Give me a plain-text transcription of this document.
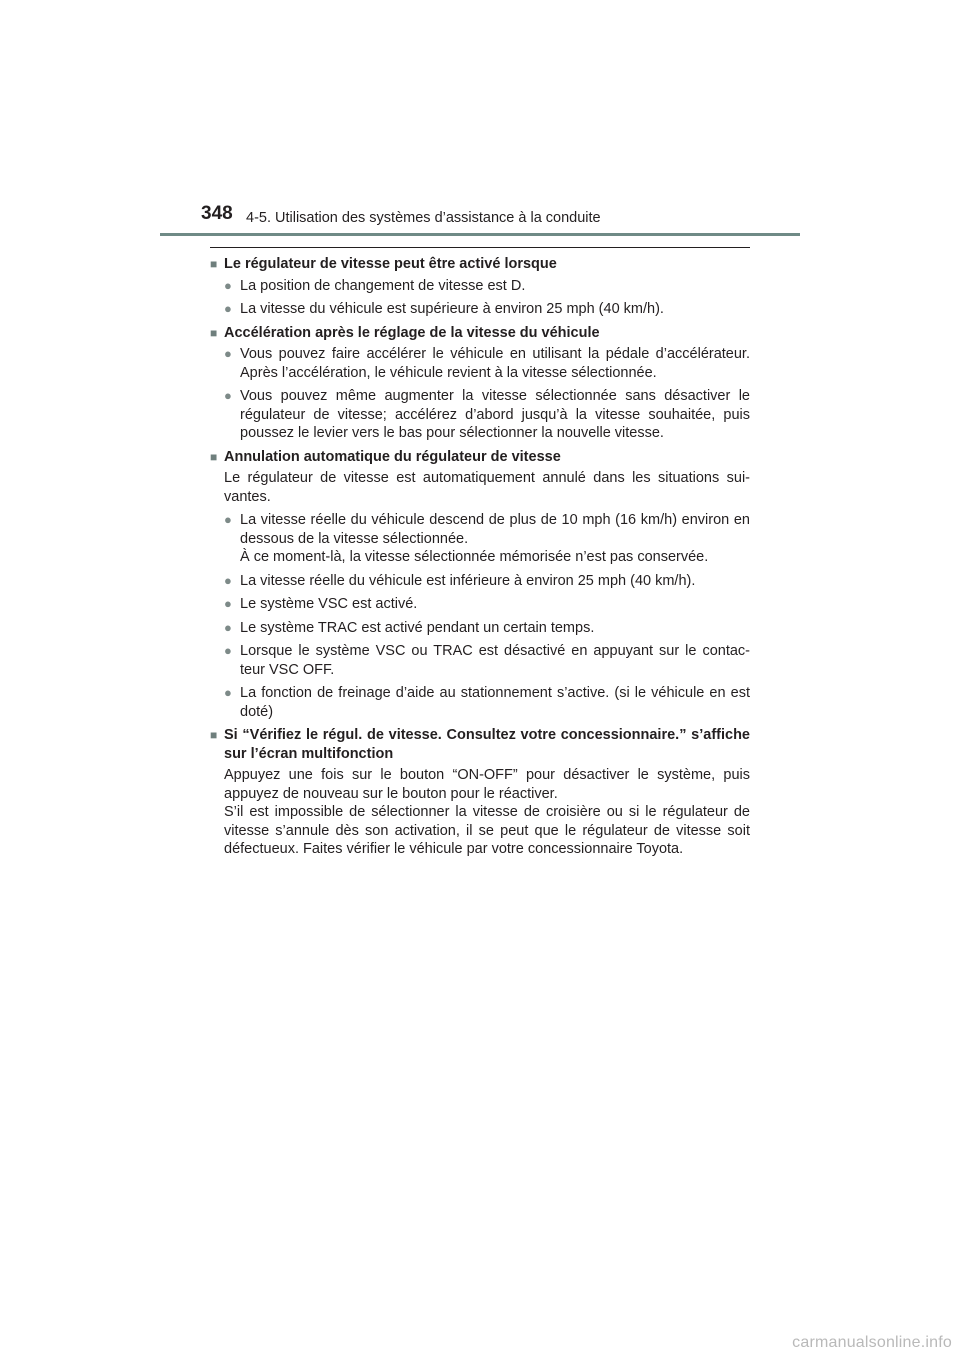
348 4-5. Utilisation des systèmes d’assistance à la conduite
■ Le régulateur de vitesse peut être activé lorsque
● La position de changement de vitesse est D.
● La vitesse du véhicule est supérieure à environ 25 mph (40 km/h).
■ Accélération après le réglage de la vitesse du véhicule
● Vous pouvez faire accélérer le véhicule en utilisant la pédale d’accélérateur. Après l’accélération, le véhicule revient à la vitesse sélectionnée.
● Vous pouvez même augmenter la vitesse sélectionnée sans désactiver le régulateur de vitesse; accélérez d’abord jusqu’à la vitesse souhaitée, puis poussez le levier vers le bas pour sélectionner la nouvelle vitesse.
■ Annulation automatique du régulateur de vitesse
Le régulateur de vitesse est automatiquement annulé dans les situations sui-vantes.
● La vitesse réelle du véhicule descend de plus de 10 mph (16 km/h) environ en dessous de la vitesse sélectionnée.
À ce moment-là, la vitesse sélectionnée mémorisée n’est pas conservée.
● La vitesse réelle du véhicule est inférieure à environ 25 mph (40 km/h).
● Le système VSC est activé.
● Le système TRAC est activé pendant un certain temps.
● Lorsque le système VSC ou TRAC est désactivé en appuyant sur le contac-teur VSC OFF.
● La fonction de freinage d’aide au stationnement s’active. (si le véhicule en est doté)
■ Si “Vérifiez le régul. de vitesse. Consultez votre concessionnaire.” s’affiche sur l’écran multifonction
Appuyez une fois sur le bouton “ON-OFF” pour désactiver le système, puis appuyez de nouveau sur le bouton pour le réactiver.
S’il est impossible de sélectionner la vitesse de croisière ou si le régulateur de vitesse s’annule dès son activation, il se peut que le régulateur de vitesse soit défectueux. Faites vérifier le véhicule par votre concessionnaire Toyota.
carmanualsonline.info
